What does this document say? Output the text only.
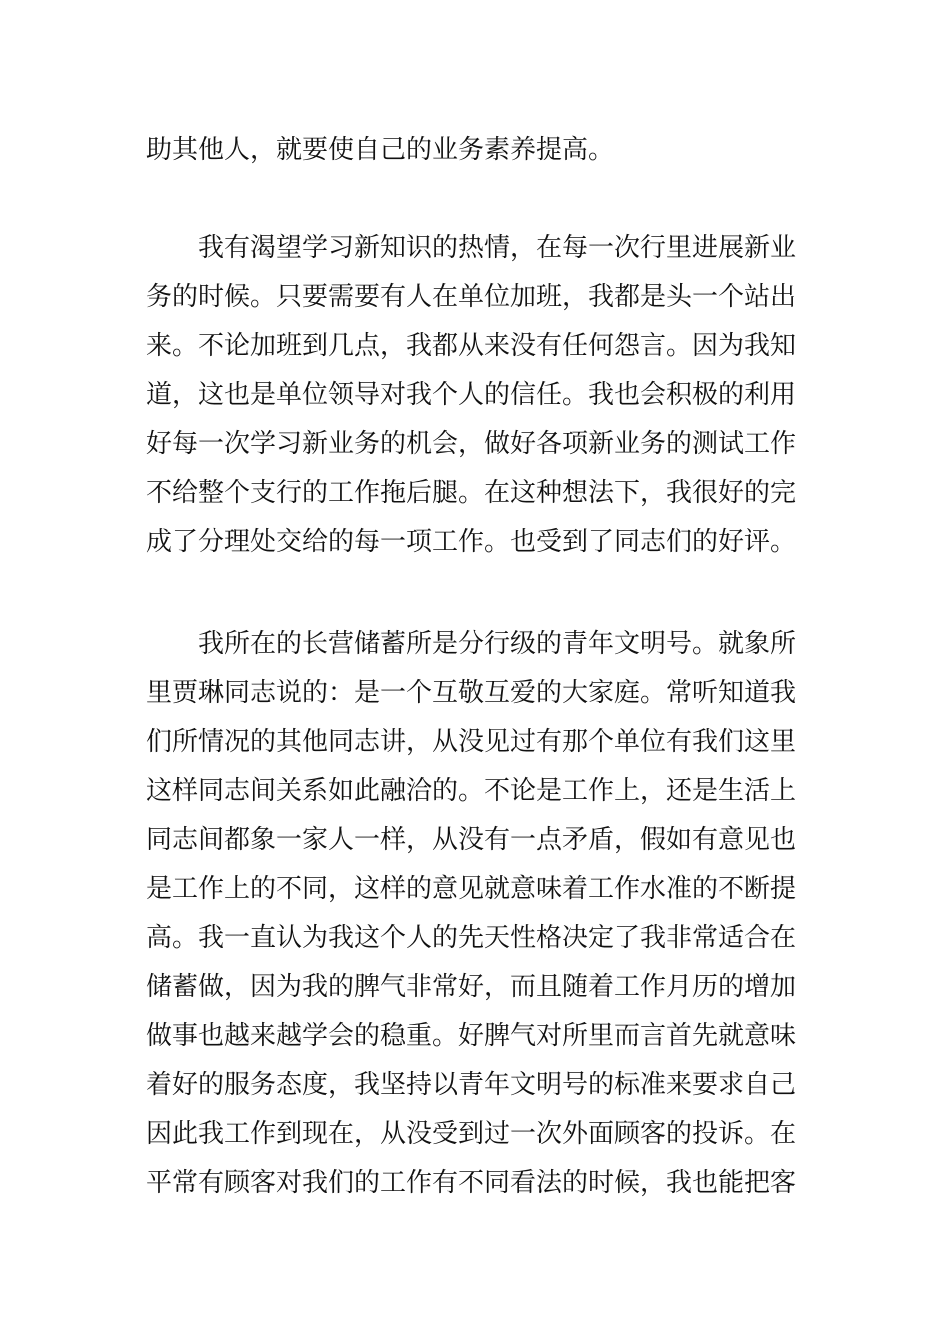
助其他人，就要使自己的业务素养提高。
我有渴望学习新知识的热情，在每一次行里进展新业
务的时候。只要需要有人在单位加班，我都是头一个站出
来。不论加班到几点，我都从来没有任何怨言。因为我知
道，这也是单位领导对我个人的信任。我也会积极的利用
好每一次学习新业务的机会，做好各项新业务的测试工作
不给整个支行的工作拖后腿。在这种想法下，我很好的完
成了分理处交给的每一项工作。也受到了同志们的好评。
我所在的长营储蓄所是分行级的青年文明号。就象所
里贾琳同志说的：是一个互敬互爱的大家庭。常听知道我
们所情况的其他同志讲，从没见过有那个单位有我们这里
这样同志间关系如此融洽的。不论是工作上，还是生活上
同志间都象一家人一样，从没有一点矛盾，假如有意见也
是工作上的不同，这样的意见就意味着工作水准的不断提
高。我一直认为我这个人的先天性格决定了我非常适合在
储蓄做，因为我的脾气非常好，而且随着工作月历的增加
做事也越来越学会的稳重。好脾气对所里而言首先就意味
着好的服务态度，我坚持以青年文明号的标准来要求自己
因此我工作到现在，从没受到过一次外面顾客的投诉。在
平常有顾客对我们的工作有不同看法的时候，我也能把客
